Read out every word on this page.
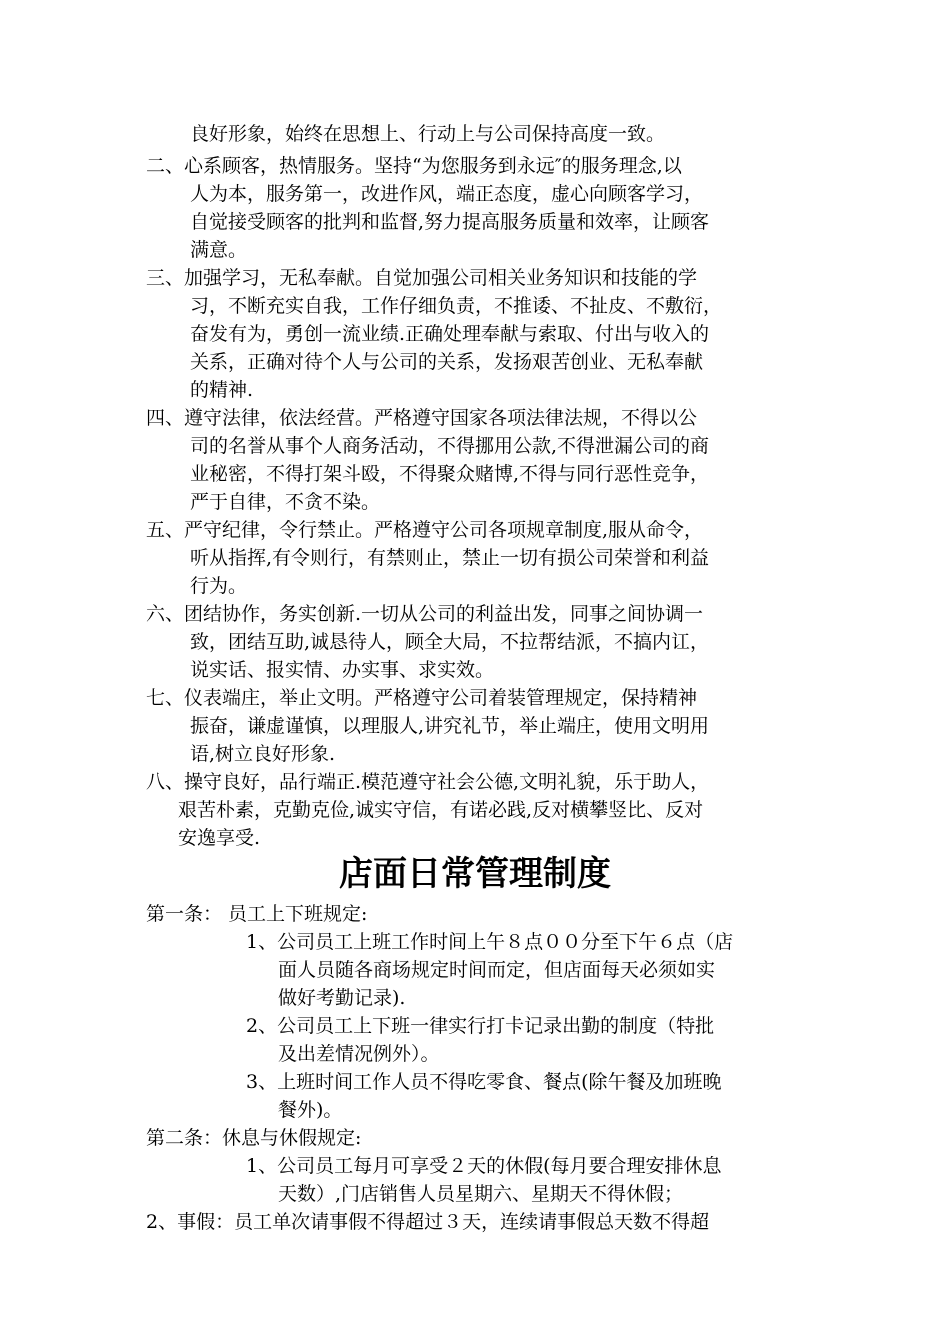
良好形象，始终在思想上、行动上与公司保持高度一致。
二、心系顾客，热情服务。坚持“为您服务到永远″的服务理念,以
人为本，服务第一，改进作风，端正态度，虚心向顾客学习，
自觉接受顾客的批判和监督,努力提高服务质量和效率，让顾客
满意。
三、加强学习，无私奉献。自觉加强公司相关业务知识和技能的学
习，不断充实自我，工作仔细负责，不推诿、不扯皮、不敷衍，
奋发有为，勇创一流业绩.正确处理奉献与索取、付出与收入的
关系，正确对待个人与公司的关系，发扬艰苦创业、无私奉献
的精神.
四、遵守法律，依法经营。严格遵守国家各项法律法规，不得以公
司的名誉从事个人商务活动，不得挪用公款,不得泄漏公司的商
业秘密，不得打架斗殴，不得聚众赌博,不得与同行恶性竞争，
严于自律，不贪不染。
五、严守纪律，令行禁止。严格遵守公司各项规章制度,服从命令，
听从指挥,有令则行，有禁则止，禁止一切有损公司荣誉和利益
行为。
六、团结协作，务实创新.一切从公司的利益出发，同事之间协调一
致，团结互助,诚恳待人，顾全大局，不拉帮结派，不搞内讧，
说实话、报实情、办实事、求实效。
七、仪表端庄，举止文明。严格遵守公司着装管理规定，保持精神
振奋，谦虚谨慎，以理服人,讲究礼节，举止端庄，使用文明用
语,树立良好形象.
八、操守良好，品行端正.模范遵守社会公德,文明礼貌，乐于助人，
艰苦朴素，克勤克俭,诚实守信，有诺必践,反对横攀竖比、反对
安逸享受.
店面日常管理制度
第一条： 员工上下班规定:
1、公司员工上班工作时间上午８点００分至下午６点（店
面人员随各商场规定时间而定，但店面每天必须如实
做好考勤记录).
2、公司员工上下班一律实行打卡记录出勤的制度（特批
及出差情况例外）。
3、上班时间工作人员不得吃零食、餐点(除午餐及加班晚
餐外)。
第二条：休息与休假规定:
1、公司员工每月可享受２天的休假(每月要合理安排休息
天数）,门店销售人员星期六、星期天不得休假；
2、事假：员工单次请事假不得超过３天，连续请事假总天数不得超
